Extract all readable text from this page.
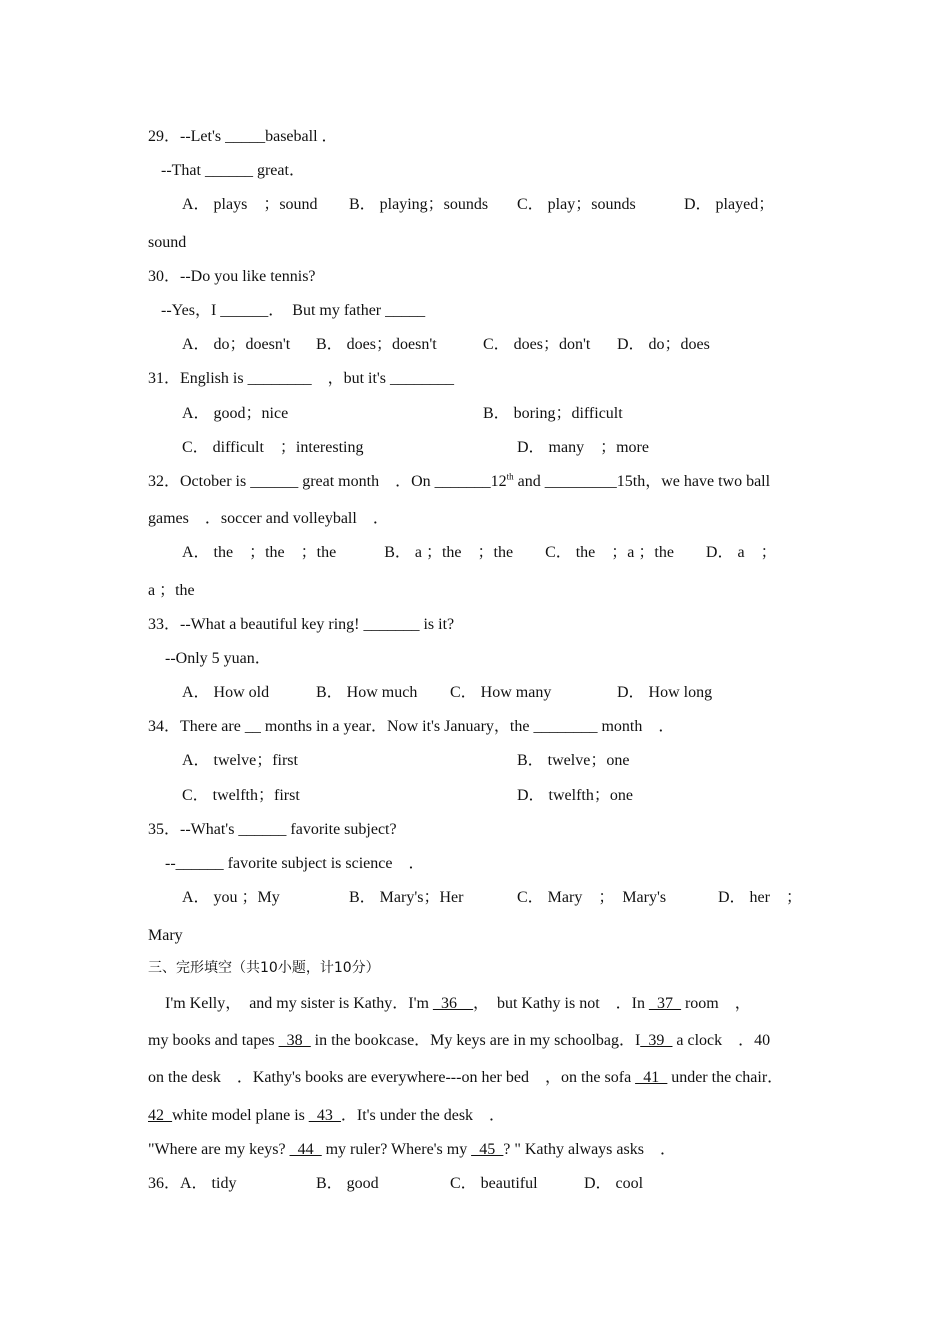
29．--Let's _____baseball ．
--That ______ great．
A． plays　；sound B． playing；sounds C． play；sounds	D． played；
sound
30．--Do you like tennis?
--Yes，I ______．　But my father _____
A． do；doesn't B． does；doesn't	C． does；don't D． do；does
31．English is ________　，but it's ________
A． good；nice	B． boring；difficult
C． difficult　；interesting	D． many　；more
32．October is ______ great month　．On _______12th and _________15th，we have two ball
games　．soccer and volleyball　．
A． the　；the　；the　　　B． a ；the　；the　　C． the　；a ；the　　D． a　；
a ；the
33．--What a beautiful key ring! _______ is it?
--Only 5 yuan．
A． How old	B． How much C． How many	D． How long
34．There are __ months in a year．Now it's January，the ________ month　．
A． twelve；first	B． twelve；one
C． twelfth；first	D． twelfth；one
35．--What's ______ favorite subject?
--______ favorite subject is science　．
A． you ；My	B． Mary's；Her	C． Mary　；　Mary's	D． her　；
Mary
三、完形填空（共10小题，计10分）
I'm Kelly，　and my sister is Kathy．I'm _36__，　but Kathy is not　．In _37_ room　，
my books and tapes _38_ in the bookcase．My keys are in my schoolbag．I_39_ a clock　．40
on the desk　．Kathy's books are everywhere---on her bed　，on the sofa _41_ under the chair．
42_white model plane is _43_．It's under the desk　．
"Where are my keys? _44_ my ruler? Where's my _45_? " Kathy always asks　．
36．A． tidy	B． good	C． beautiful	D． cool
